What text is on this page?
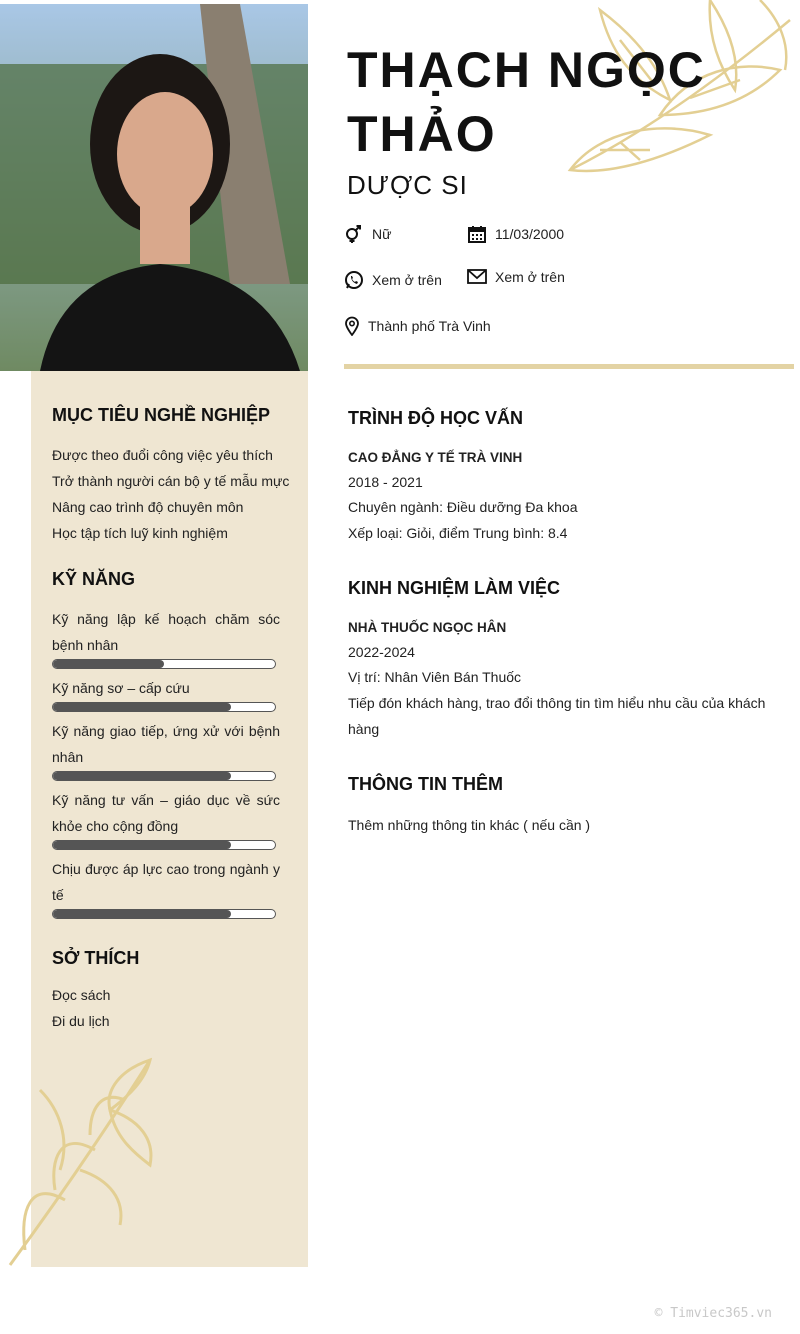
THẠCH NGỌC THẢO
DƯỢC SI
Nữ	11/03/2000
Xem ở trên	Xem ở trên
Thành phố Trà Vinh
MỤC TIÊU NGHỀ NGHIỆP
Được theo đuổi công việc yêu thích
Trở thành người cán bộ y tế mẫu mực
Nâng cao trình độ chuyên môn
Học tập tích luỹ kinh nghiệm
KỸ NĂNG
Kỹ năng lập kế hoạch chăm sóc bệnh nhân
Kỹ năng sơ – cấp cứu
Kỹ năng giao tiếp, ứng xử với bệnh nhân
Kỹ năng tư vấn – giáo dục về sức khỏe cho cộng đồng
Chịu được áp lực cao trong ngành y tế
SỞ THÍCH
Đọc sách
Đi du lịch
TRÌNH ĐỘ HỌC VẤN
CAO ĐẲNG Y TẾ TRÀ VINH
2018 - 2021
Chuyên ngành: Điều dưỡng Đa khoa
Xếp loại: Giỏi, điểm Trung bình: 8.4
KINH NGHIỆM LÀM VIỆC
NHÀ THUỐC NGỌC HÂN
2022-2024
Vị trí: Nhân Viên Bán Thuốc
Tiếp đón khách hàng, trao đổi thông tin tìm hiểu nhu cầu của khách hàng
THÔNG TIN THÊM
Thêm những thông tin khác ( nếu cần )
© Timviec365.vn
